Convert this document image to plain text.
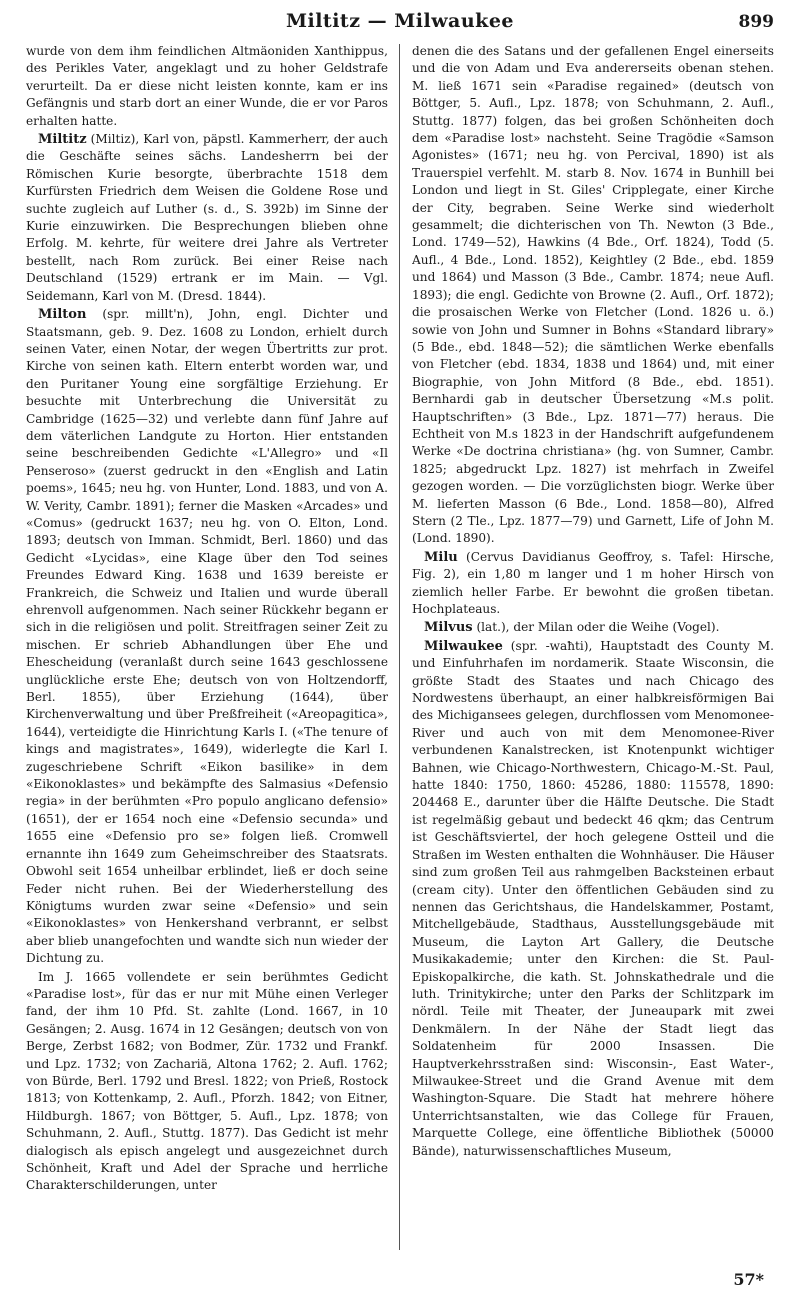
Miltitz — Milwaukee	899

wurde von dem ihm feindlichen Altmäoniden Xanthippus, des Perikles Vater, angeklagt und zu hoher Geldstrafe verurteilt. Da er diese nicht leisten konnte, kam er ins Gefängnis und starb dort an einer Wunde, die er vor Paros erhalten hatte.

Miltitz (Miltiz), Karl von, päpstl. Kammerherr, der auch die Geschäfte seines sächs. Landesherrn bei der Römischen Kurie besorgte, überbrachte 1518 dem Kurfürsten Friedrich dem Weisen die Goldene Rose und suchte zugleich auf Luther (s. d., S. 392b) im Sinne der Kurie einzuwirken. Die Besprechungen blieben ohne Erfolg. M. kehrte, für weitere drei Jahre als Vertreter bestellt, nach Rom zurück. Bei einer Reise nach Deutschland (1529) ertrank er im Main. — Vgl. Seidemann, Karl von M. (Dresd. 1844).

Milton (spr. millt'n), John, engl. Dichter und Staatsmann, geb. 9. Dez. 1608 zu London, erhielt durch seinen Vater, einen Notar, der wegen Übertritts zur prot. Kirche von seinen kath. Eltern enterbt worden war, und den Puritaner Young eine sorgfältige Erziehung. Er besuchte mit Unterbrechung die Universität zu Cambridge (1625—32) und verlebte dann fünf Jahre auf dem väterlichen Landgute zu Horton. Hier entstanden seine beschreibenden Gedichte «L'Allegro» und «Il Penseroso» (zuerst gedruckt in den «English and Latin poems», 1645; neu hg. von Hunter, Lond. 1883, und von A. W. Verity, Cambr. 1891); ferner die Masken «Arcades» und «Comus» (gedruckt 1637; neu hg. von O. Elton, Lond. 1893; deutsch von Imman. Schmidt, Berl. 1860) und das Gedicht «Lycidas», eine Klage über den Tod seines Freundes Edward King. 1638 und 1639 bereiste er Frankreich, die Schweiz und Italien und wurde überall ehrenvoll aufgenommen. Nach seiner Rückkehr begann er sich in die religiösen und polit. Streitfragen seiner Zeit zu mischen. Er schrieb Abhandlungen über Ehe und Ehescheidung (veranlaßt durch seine 1643 geschlossene unglückliche erste Ehe; deutsch von von Holtzendorff, Berl. 1855), über Erziehung (1644), über Kirchenverwaltung und über Preßfreiheit («Areopagitica», 1644), verteidigte die Hinrichtung Karls I. («The tenure of kings and magistrates», 1649), widerlegte die Karl I. zugeschriebene Schrift «Eikon basilike» in dem «Eikonoklastes» und bekämpfte des Salmasius «Defensio regia» in der berühmten «Pro populo anglicano defensio» (1651), der er 1654 noch eine «Defensio secunda» und 1655 eine «Defensio pro se» folgen ließ. Cromwell ernannte ihn 1649 zum Geheimschreiber des Staatsrats. Obwohl seit 1654 unheilbar erblindet, ließ er doch seine Feder nicht ruhen. Bei der Wiederherstellung des Königtums wurden zwar seine «Defensio» und sein «Eikonoklastes» von Henkershand verbrannt, er selbst aber blieb unangefochten und wandte sich nun wieder der Dichtung zu.

Im J. 1665 vollendete er sein berühmtes Gedicht «Paradise lost», für das er nur mit Mühe einen Verleger fand, der ihm 10 Pfd. St. zahlte (Lond. 1667, in 10 Gesängen; 2. Ausg. 1674 in 12 Gesängen; deutsch von von Berge, Zerbst 1682; von Bodmer, Zür. 1732 und Frankf. und Lpz. 1732; von Zachariä, Altona 1762; 2. Aufl. 1762; von Bürde, Berl. 1792 und Bresl. 1822; von Prieß, Rostock 1813; von Kottenkamp, 2. Aufl., Pforzh. 1842; von Eitner, Hildburgh. 1867; von Böttger, 5. Aufl., Lpz. 1878; von Schuhmann, 2. Aufl., Stuttg. 1877). Das Gedicht ist mehr dialogisch als episch angelegt und ausgezeichnet durch Schönheit, Kraft und Adel der Sprache und herrliche Charakterschilderungen, unter

denen die des Satans und der gefallenen Engel einerseits und die von Adam und Eva andererseits obenan stehen. M. ließ 1671 sein «Paradise regained» (deutsch von Böttger, 5. Aufl., Lpz. 1878; von Schuhmann, 2. Aufl., Stuttg. 1877) folgen, das bei großen Schönheiten doch dem «Paradise lost» nachsteht. Seine Tragödie «Samson Agonistes» (1671; neu hg. von Percival, 1890) ist als Trauerspiel verfehlt. M. starb 8. Nov. 1674 in Bunhill bei London und liegt in St. Giles' Cripplegate, einer Kirche der City, begraben. Seine Werke sind wiederholt gesammelt; die dichterischen von Th. Newton (3 Bde., Lond. 1749—52), Hawkins (4 Bde., Orf. 1824), Todd (5. Aufl., 4 Bde., Lond. 1852), Keightley (2 Bde., ebd. 1859 und 1864) und Masson (3 Bde., Cambr. 1874; neue Aufl. 1893); die engl. Gedichte von Browne (2. Aufl., Orf. 1872); die prosaischen Werke von Fletcher (Lond. 1826 u. ö.) sowie von John und Sumner in Bohns «Standard library» (5 Bde., ebd. 1848—52); die sämtlichen Werke ebenfalls von Fletcher (ebd. 1834, 1838 und 1864) und, mit einer Biographie, von John Mitford (8 Bde., ebd. 1851). Bernhardi gab in deutscher Übersetzung «M.s polit. Hauptschriften» (3 Bde., Lpz. 1871—77) heraus. Die Echtheit von M.s 1823 in der Handschrift aufgefundenem Werke «De doctrina christiana» (hg. von Sumner, Cambr. 1825; abgedruckt Lpz. 1827) ist mehrfach in Zweifel gezogen worden. — Die vorzüglichsten biogr. Werke über M. lieferten Masson (6 Bde., Lond. 1858—80), Alfred Stern (2 Tle., Lpz. 1877—79) und Garnett, Life of John M. (Lond. 1890).

Milu (Cervus Davidianus Geoffroy, s. Tafel: Hirsche, Fig. 2), ein 1,80 m langer und 1 m hoher Hirsch von ziemlich heller Farbe. Er bewohnt die großen tibetan. Hochplateaus.

Milvus (lat.), der Milan oder die Weihe (Vogel).

Milwaukee (spr. -waħti), Hauptstadt des County M. und Einfuhrhafen im nordamerik. Staate Wisconsin, die größte Stadt des Staates und nach Chicago des Nordwestens überhaupt, an einer halbkreisförmigen Bai des Michigansees gelegen, durchflossen vom Menomonee-River und auch von mit dem Menomonee-River verbundenen Kanalstrecken, ist Knotenpunkt wichtiger Bahnen, wie Chicago-Northwestern, Chicago-M.-St. Paul, hatte 1840: 1750, 1860: 45286, 1880: 115578, 1890: 204468 E., darunter über die Hälfte Deutsche. Die Stadt ist regelmäßig gebaut und bedeckt 46 qkm; das Centrum ist Geschäftsviertel, der hoch gelegene Ostteil und die Straßen im Westen enthalten die Wohnhäuser. Die Häuser sind zum großen Teil aus rahmgelben Backsteinen erbaut (cream city). Unter den öffentlichen Gebäuden sind zu nennen das Gerichtshaus, die Handelskammer, Postamt, Mitchellgebäude, Stadthaus, Ausstellungsgebäude mit Museum, die Layton Art Gallery, die Deutsche Musikakademie; unter den Kirchen: die St. Paul-Episkopalkirche, die kath. St. Johnskathedrale und die luth. Trinitykirche; unter den Parks der Schlitzpark im nördl. Teile mit Theater, der Juneaupark mit zwei Denkmälern. In der Nähe der Stadt liegt das Soldatenheim für 2000 Insassen. Die Hauptverkehrsstraßen sind: Wisconsin-, East Water-, Milwaukee-Street und die Grand Avenue mit dem Washington-Square. Die Stadt hat mehrere höhere Unterrichtsanstalten, wie das College für Frauen, Marquette College, eine öffentliche Bibliothek (50000 Bände), naturwissenschaftliches Museum,

57*
